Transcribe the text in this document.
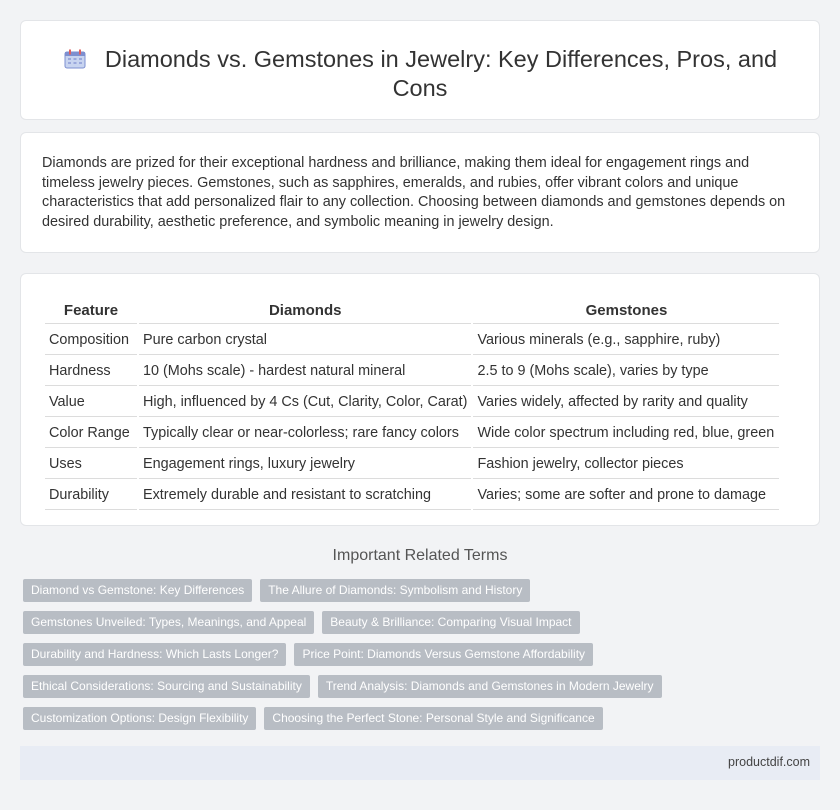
Diamonds vs. Gemstones in Jewelry: Key Differences, Pros, and Cons

Diamonds are prized for their exceptional hardness and brilliance, making them ideal for engagement rings and timeless jewelry pieces. Gemstones, such as sapphires, emeralds, and rubies, offer vibrant colors and unique characteristics that add personalized flair to any collection. Choosing between diamonds and gemstones depends on desired durability, aesthetic preference, and symbolic meaning in jewelry design.

Feature	Diamonds	Gemstones
Composition	Pure carbon crystal	Various minerals (e.g., sapphire, ruby)
Hardness	10 (Mohs scale) - hardest natural mineral	2.5 to 9 (Mohs scale), varies by type
Value	High, influenced by 4 Cs (Cut, Clarity, Color, Carat)	Varies widely, affected by rarity and quality
Color Range	Typically clear or near-colorless; rare fancy colors	Wide color spectrum including red, blue, green
Uses	Engagement rings, luxury jewelry	Fashion jewelry, collector pieces
Durability	Extremely durable and resistant to scratching	Varies; some are softer and prone to damage
Important Related Terms
Diamond vs Gemstone: Key Differences	The Allure of Diamonds: Symbolism and History
Gemstones Unveiled: Types, Meanings, and Appeal	Beauty & Brilliance: Comparing Visual Impact
Durability and Hardness: Which Lasts Longer?	Price Point: Diamonds Versus Gemstone Affordability
Ethical Considerations: Sourcing and Sustainability	Trend Analysis: Diamonds and Gemstones in Modern Jewelry
Customization Options: Design Flexibility	Choosing the Perfect Stone: Personal Style and Significance
productdif.com
